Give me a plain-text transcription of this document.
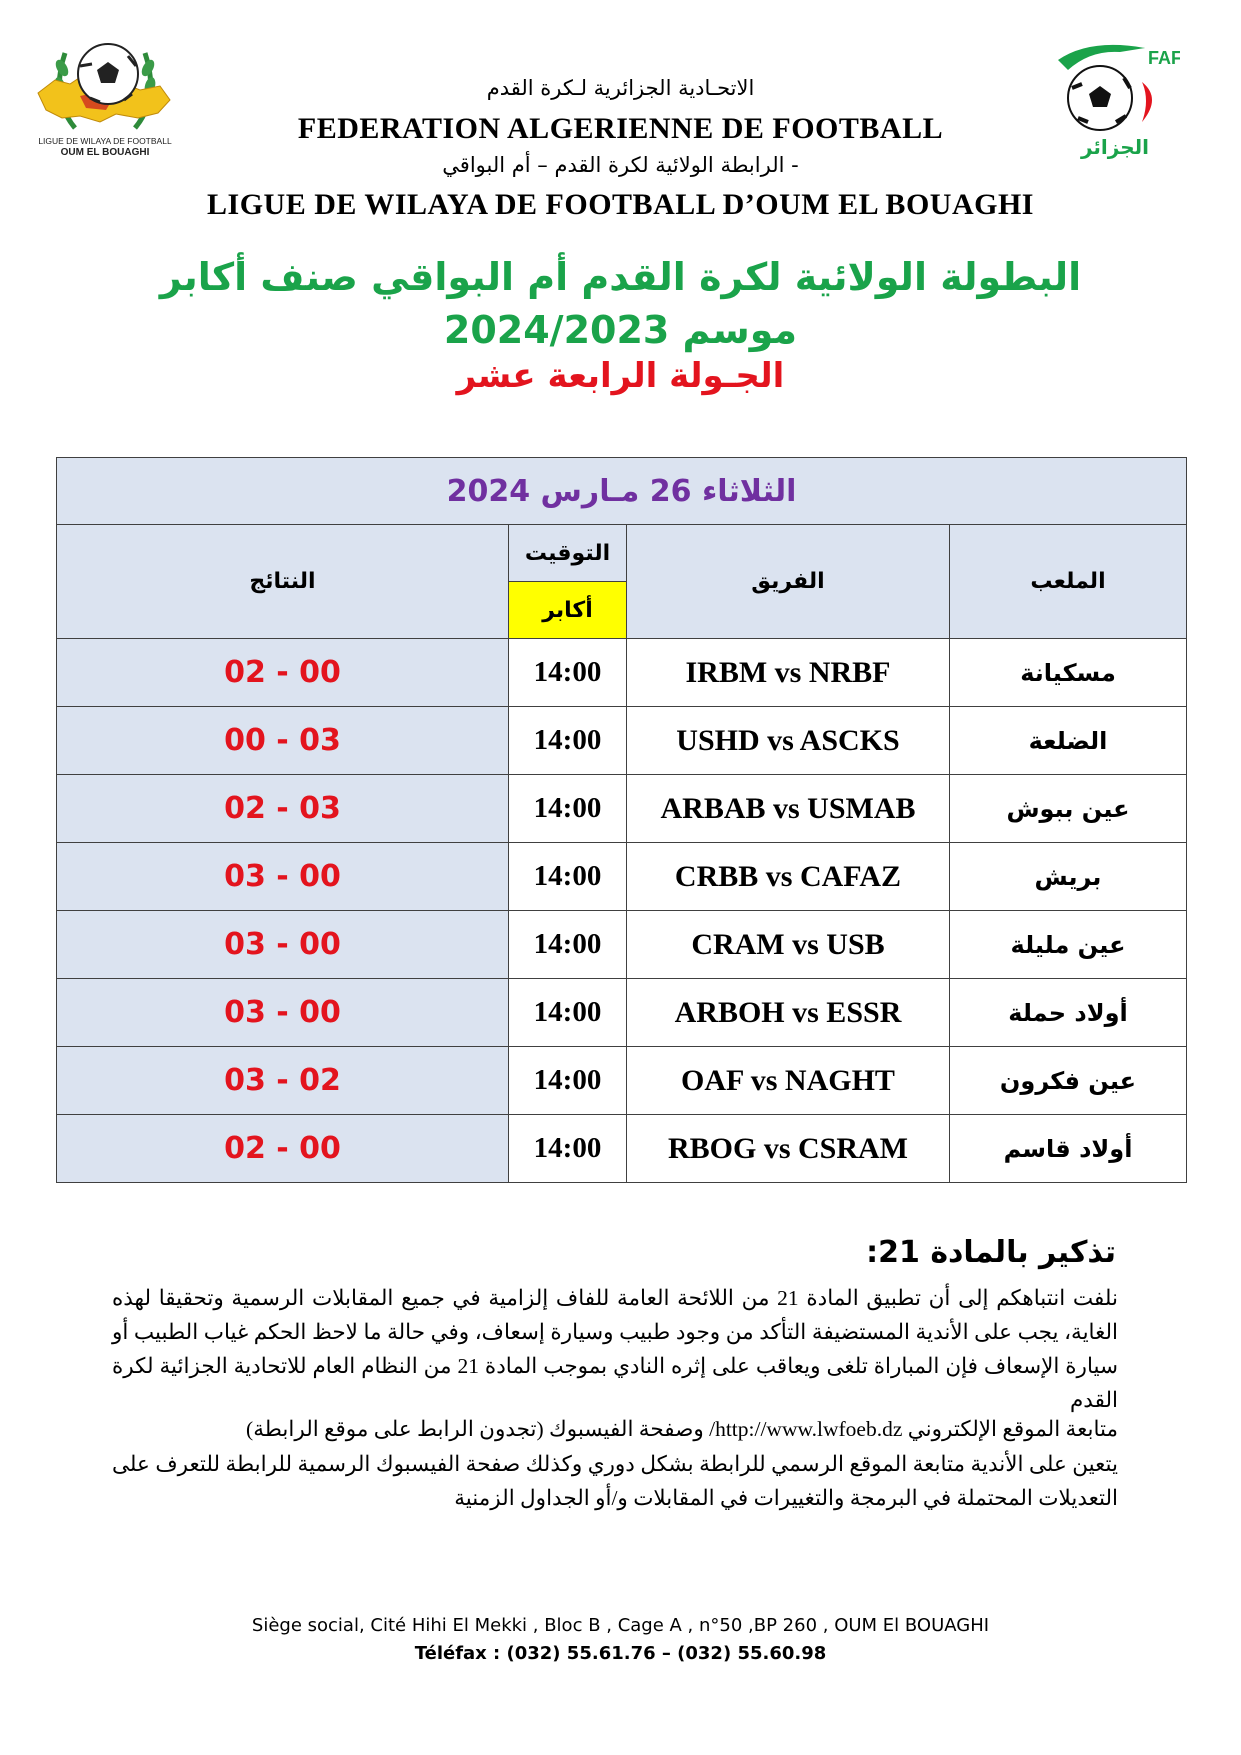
LIGUE DE WILAYA DE FOOTBALL
OUM EL BOUAGHI
FAF
الجزائر
الاتحـادية الجزائرية لـكرة القدم
FEDERATION ALGERIENNE DE FOOTBALL
الرابطة الولائية لكرة القدم – أم البواقي -
LIGUE DE WILAYA DE FOOTBALL D’OUM EL BOUAGHI
البطولة الولائية لكرة القدم أم البواقي صنف أكابر
موسم 2024/2023
الجـولة الرابعة عشر
الثلاثاء 26 مـارس 2024			
الملعب	الفريق	التوقيت	النتائج
		أكابر	
مسكيانة	IRBM vs NRBF	14:00	02 - 00
الضلعة	USHD vs ASCKS	14:00	00 - 03
عين ببوش	ARBAB vs USMAB	14:00	02 - 03
بريش	CRBB vs CAFAZ	14:00	03 - 00
عين مليلة	CRAM vs USB	14:00	03 - 00
أولاد حملة	ARBOH vs ESSR	14:00	03 - 00
عين فكرون	OAF vs NAGHT	14:00	03 - 02
أولاد قاسم	RBOG vs CSRAM	14:00	02 - 00
تذكير بالمادة 21:
نلفت انتباهكم إلى أن تطبيق المادة 21 من اللائحة العامة للفاف إلزامية في جميع المقابلات الرسمية وتحقيقا لهذه الغاية، يجب على الأندية المستضيفة التأكد من وجود طبيب وسيارة إسعاف، وفي حالة ما لاحظ الحكم غياب الطبيب أو سيارة الإسعاف فإن المباراة تلغى ويعاقب على إثره النادي بموجب المادة 21 من النظام العام للاتحادية الجزائية لكرة القدم
متابعة الموقع الإلكتروني http://www.lwfoeb.dz/ وصفحة الفيسبوك (تجدون الرابط على موقع الرابطة)
يتعين على الأندية متابعة الموقع الرسمي للرابطة بشكل دوري وكذلك صفحة الفيسبوك الرسمية للرابطة للتعرف على التعديلات المحتملة في البرمجة والتغييرات في المقابلات و/أو الجداول الزمنية
Siège social, Cité Hihi El Mekki , Bloc B , Cage A , n°50 ,BP 260 , OUM El BOUAGHI
Téléfax : (032) 55.61.76 – (032) 55.60.98
